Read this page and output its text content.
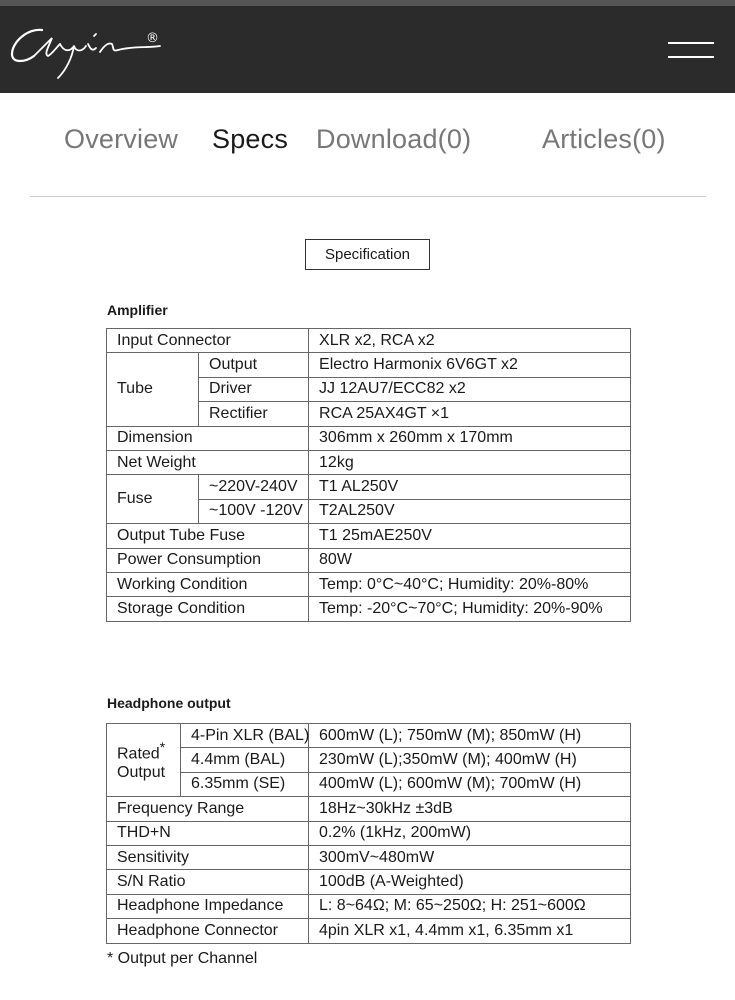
®
Cayin
Overview Specs Download(0)	Articles(0)
Specification
Amplifier
Input Connector		XLR x2, RCA x2
Tube	Output	Electro Harmonix 6V6GT x2
	Driver	JJ 12AU7/ECC82 x2
	Rectifier	RCA 25AX4GT ×1
Dimension		306mm x 260mm x 170mm
Net Weight		12kg
Fuse	~220V-240V	T1 AL250V
	~100V -120V	T2AL250V
Output Tube Fuse		T1 25mAE250V
Power Consumption		80W
Working Condition		Temp: 0°C~40°C; Humidity: 20%-80%
Storage Condition		Temp: -20°C~70°C; Humidity: 20%-90%
Headphone output
Rated*
Output	4-Pin XLR (BAL)	600mW (L); 750mW (M); 850mW (H)
	4.4mm (BAL)	230mW (L);350mW (M); 400mW (H)
	6.35mm (SE)	400mW (L); 600mW (M); 700mW (H)
Frequency Range		18Hz~30kHz ±3dB
THD+N		0.2% (1kHz, 200mW)
Sensitivity		300mV~480mW
S/N Ratio		100dB (A-Weighted)
Headphone Impedance		L: 8~64Ω; M: 65~250Ω; H: 251~600Ω
Headphone Connector		4pin XLR x1, 4.4mm x1, 6.35mm x1
* Output per Channel
